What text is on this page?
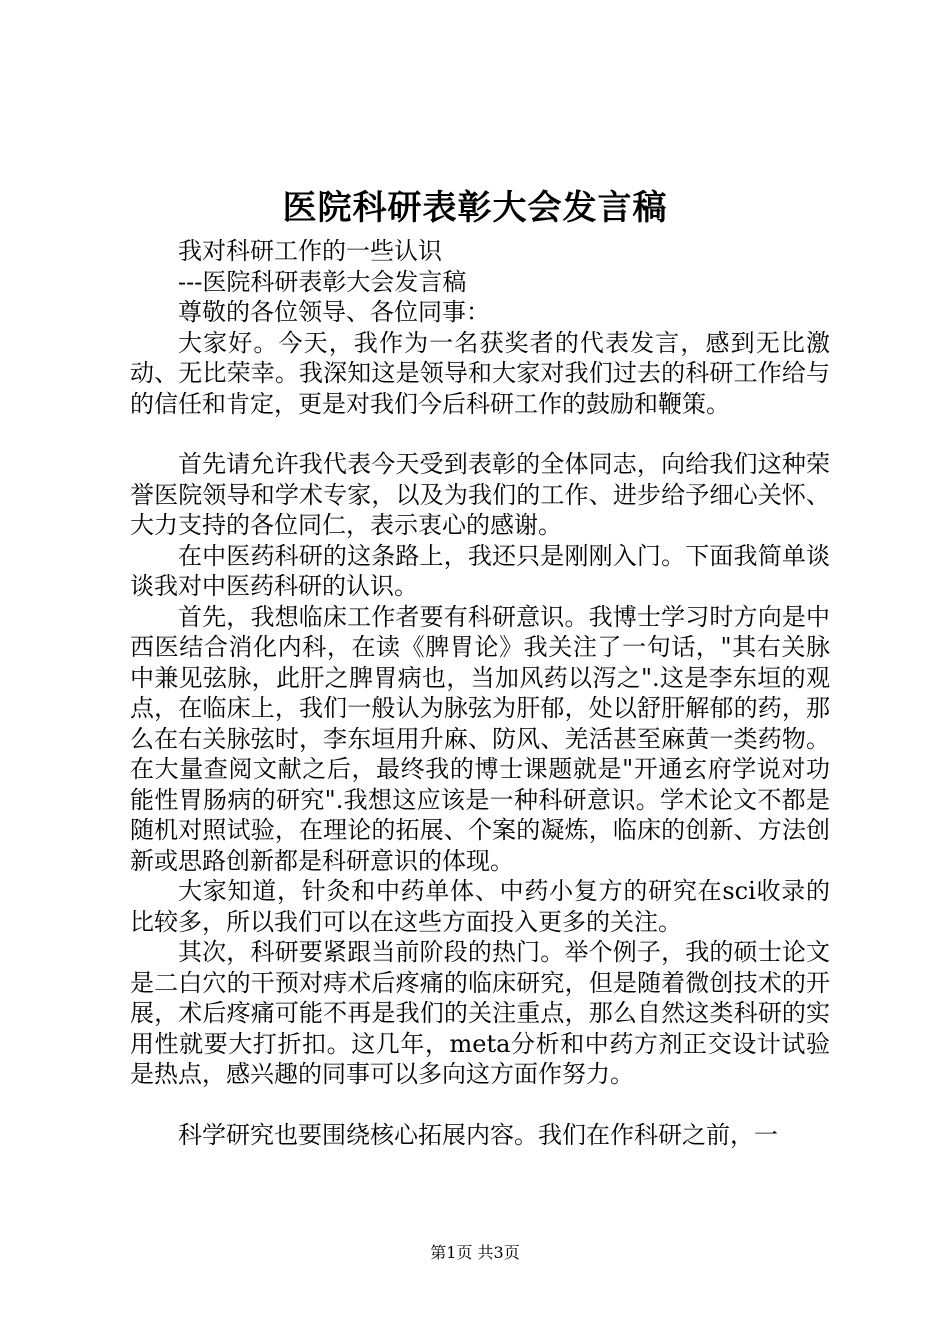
医院科研表彰大会发言稿

我对科研工作的一些认识

---医院科研表彰大会发言稿

尊敬的各位领导、各位同事：

大家好。今天，我作为一名获奖者的代表发言，感到无比激动、无比荣幸。我深知这是领导和大家对我们过去的科研工作给与的信任和肯定，更是对我们今后科研工作的鼓励和鞭策。

首先请允许我代表今天受到表彰的全体同志，向给我们这种荣誉医院领导和学术专家，以及为我们的工作、进步给予细心关怀、大力支持的各位同仁，表示衷心的感谢。

在中医药科研的这条路上，我还只是刚刚入门。下面我简单谈谈我对中医药科研的认识。

首先，我想临床工作者要有科研意识。我博士学习时方向是中西医结合消化内科，在读《脾胃论》我关注了一句话，"其右关脉中兼见弦脉，此肝之脾胃病也，当加风药以泻之".这是李东垣的观点，在临床上，我们一般认为脉弦为肝郁，处以舒肝解郁的药，那么在右关脉弦时，李东垣用升麻、防风、羌活甚至麻黄一类药物。在大量查阅文献之后，最终我的博士课题就是"开通玄府学说对功能性胃肠病的研究".我想这应该是一种科研意识。学术论文不都是随机对照试验，在理论的拓展、个案的凝炼，临床的创新、方法创新或思路创新都是科研意识的体现。

大家知道，针灸和中药单体、中药小复方的研究在sci收录的比较多，所以我们可以在这些方面投入更多的关注。

其次，科研要紧跟当前阶段的热门。举个例子，我的硕士论文是二白穴的干预对痔术后疼痛的临床研究，但是随着微创技术的开展，术后疼痛可能不再是我们的关注重点，那么自然这类科研的实用性就要大打折扣。这几年，meta分析和中药方剂正交设计试验是热点，感兴趣的同事可以多向这方面作努力。

科学研究也要围绕核心拓展内容。我们在作科研之前，一

第1页 共3页
